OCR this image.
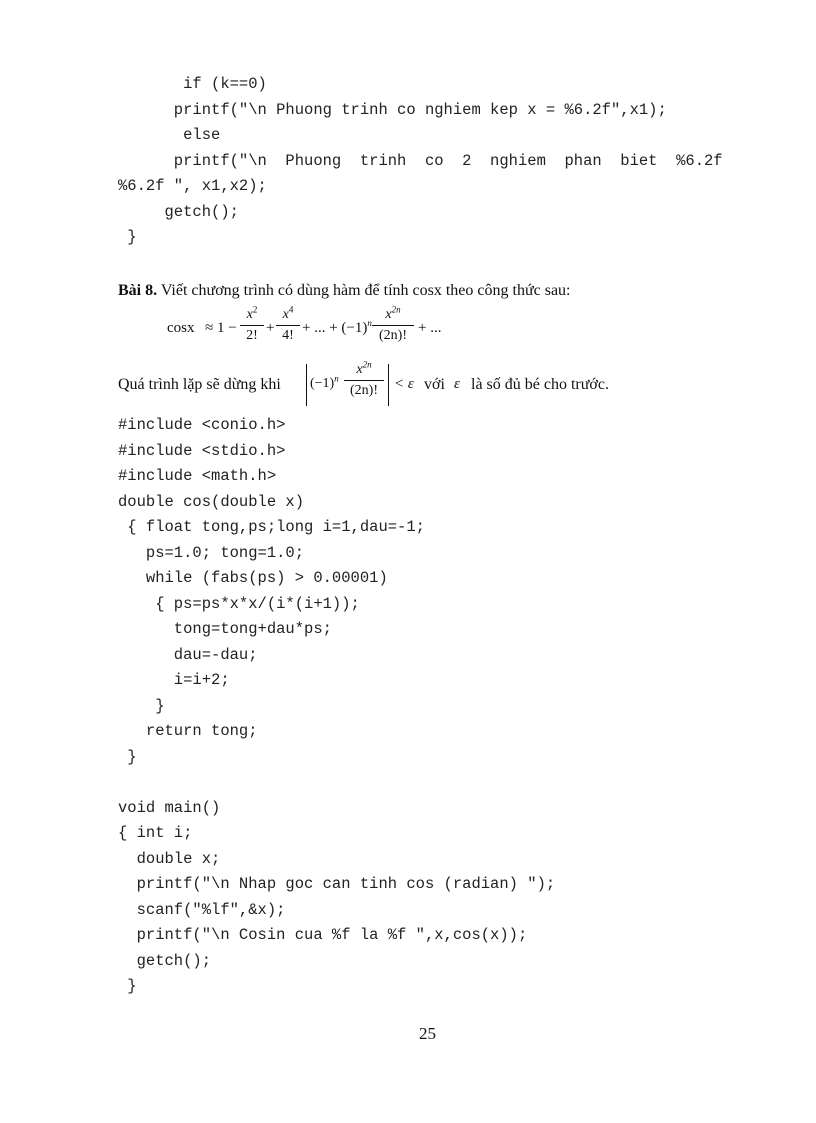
if (k==0)
printf("\n Phuong trinh co nghiem kep x = %6.2f",x1);
else
printf("\n  Phuong  trinh  co  2  nghiem  phan  biet  %6.2f
%6.2f ", x1,x2);
getch();
}
Bài 8. Viết chương trình có dùng hàm để tính cosx theo công thức sau:
cosx ≈ 1 −
$x^2$
2! +
$x^4$
4! + ... + $(-1)^n$
$x^{2n}$
(2n)! + ...
Quá trình lặp sẽ dừng khi $(-1)^n$
$x^{2n}$
(2n)!	< ε với ε là số đủ bé cho trước.
#include <conio.h>
#include <stdio.h>
#include <math.h>
double cos(double x)
{ float tong,ps;long i=1,dau=-1;
ps=1.0; tong=1.0;
while (fabs(ps) > 0.00001)
{ ps=ps*x*x/(i*(i+1));
tong=tong+dau*ps;
dau=-dau;
i=i+2;
}
return tong;
}

void main()
{ int i;
double x;
printf("\n Nhap goc can tinh cos (radian) ");
scanf("%lf",&x);
printf("\n Cosin cua %f la %f ",x,cos(x));
getch();
}
25
